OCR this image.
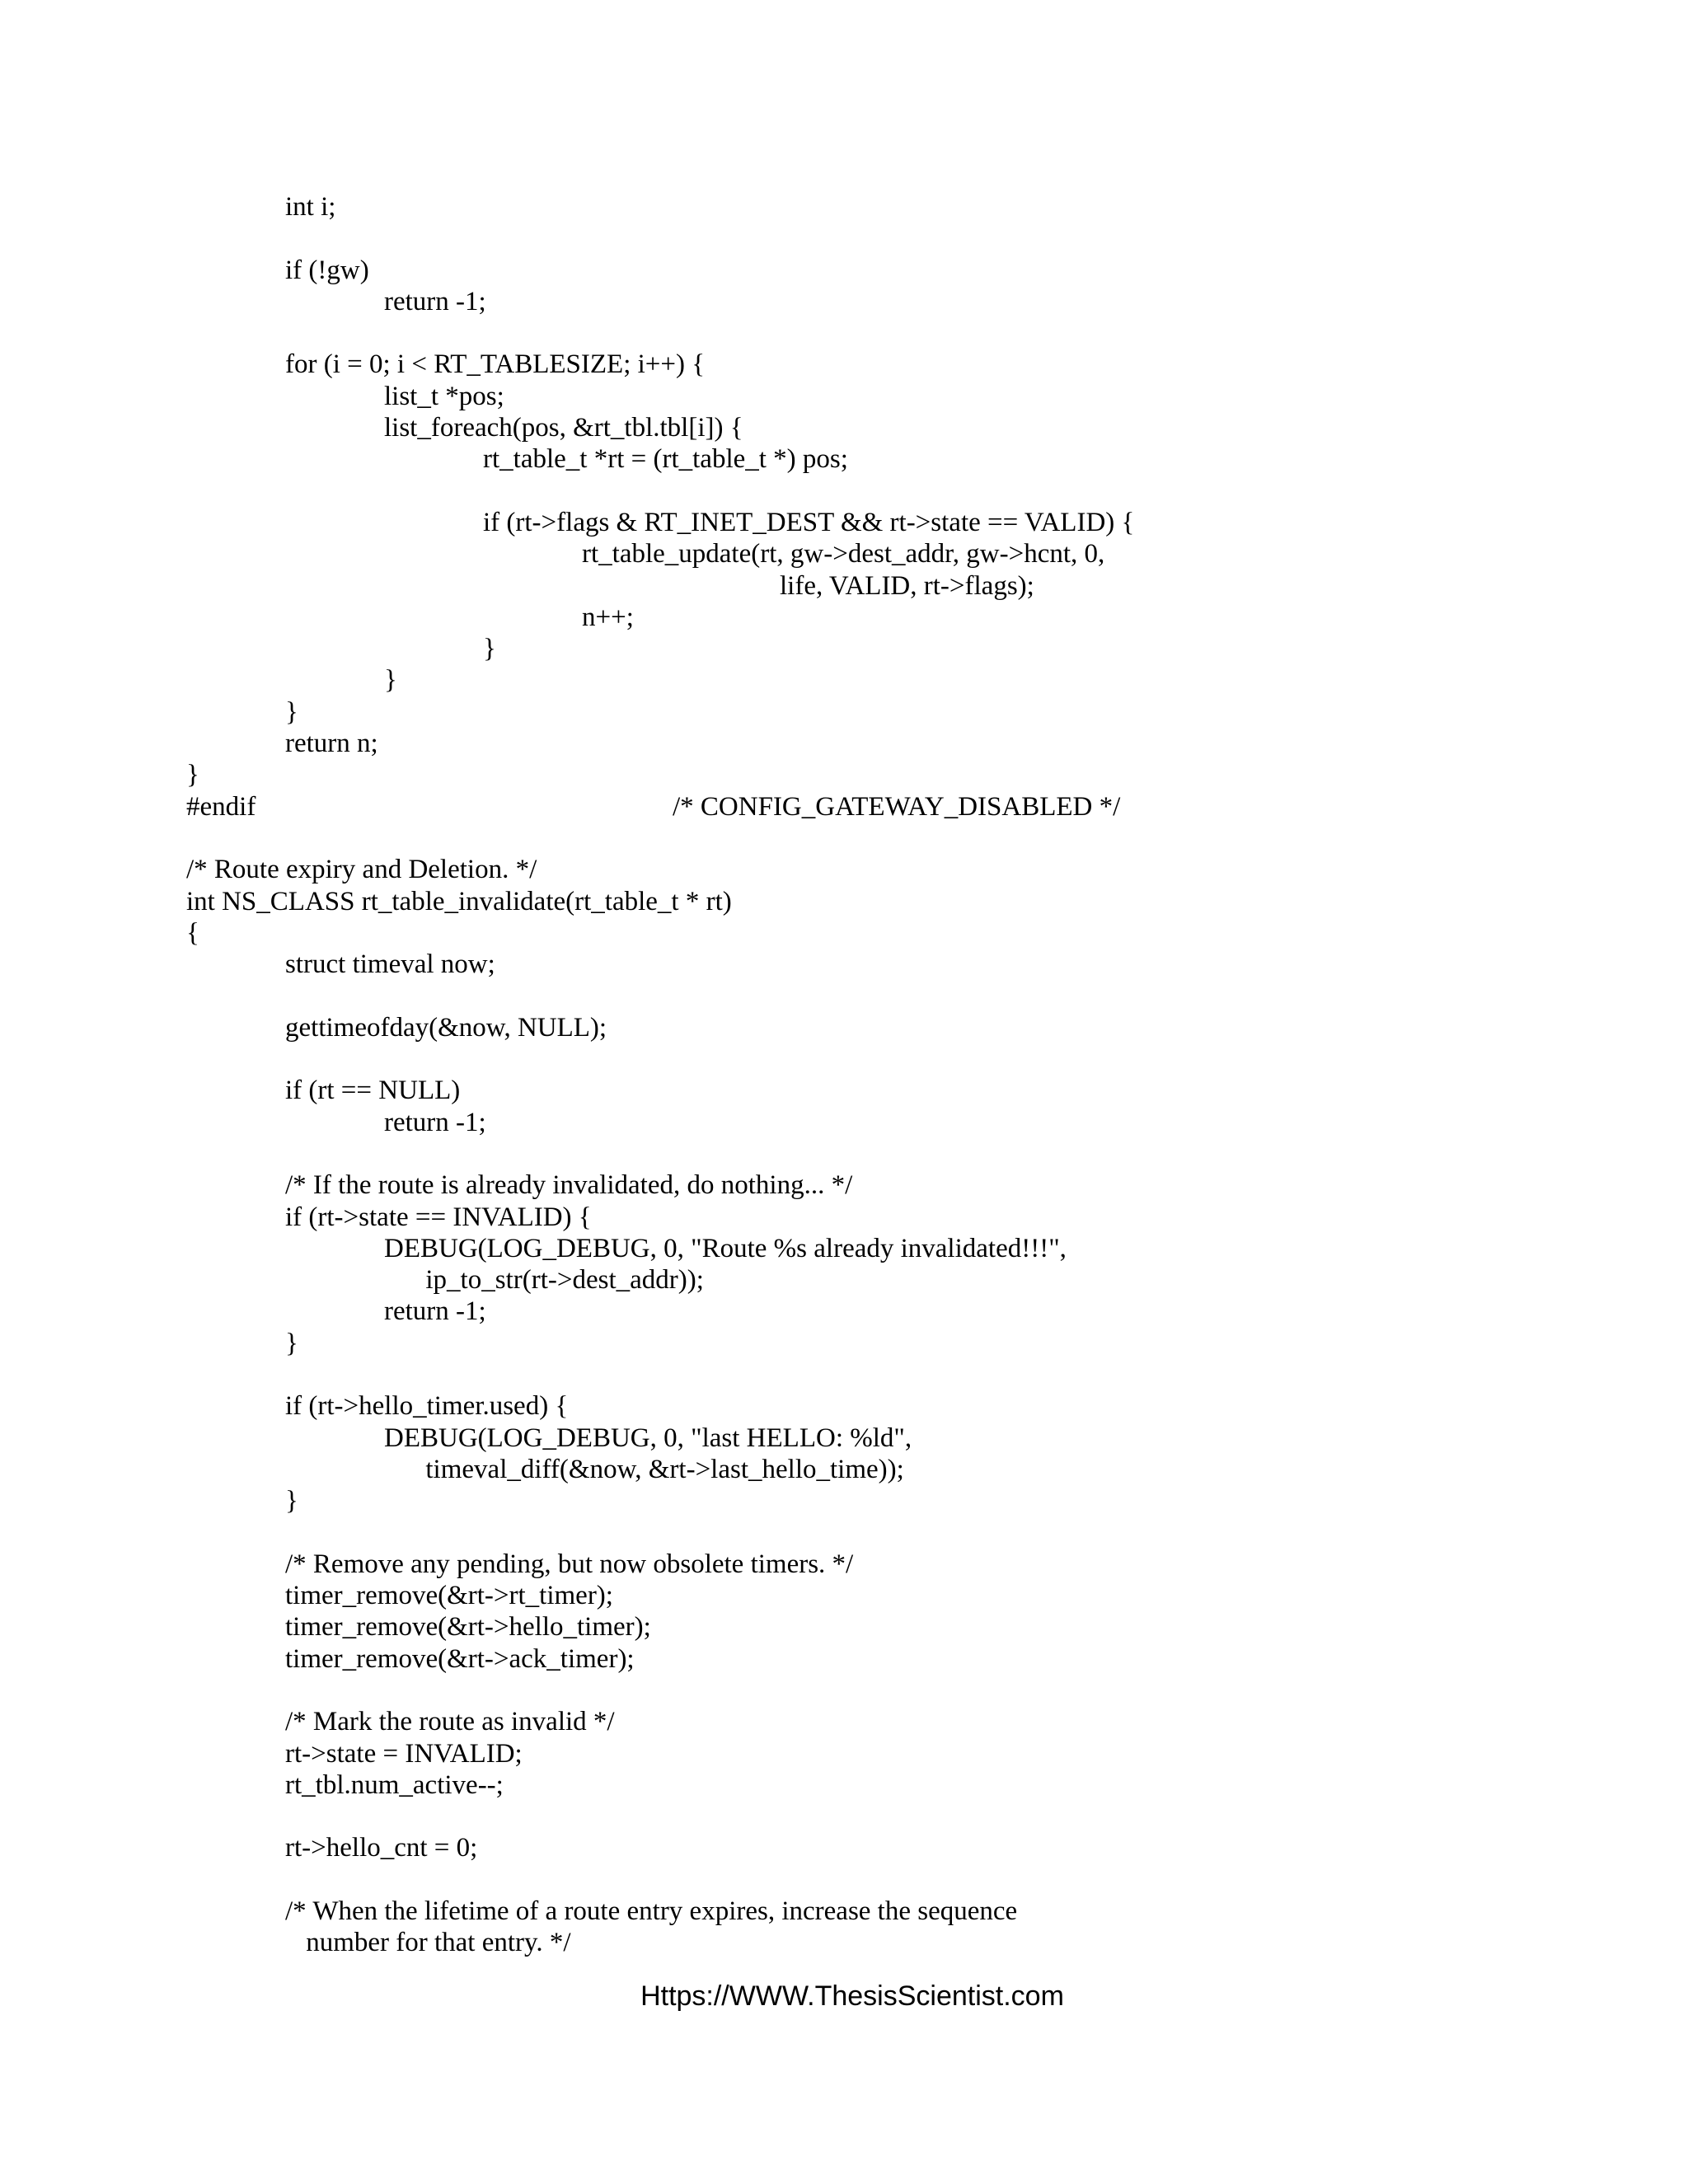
int i;
if (!gw)
return -1;
for (i = 0; i < RT_TABLESIZE; i++) {
list_t *pos;
list_foreach(pos, &rt_tbl.tbl[i]) {
rt_table_t *rt = (rt_table_t *) pos;
if (rt->flags & RT_INET_DEST && rt->state == VALID) {
rt_table_update(rt, gw->dest_addr, gw->hcnt, 0,
life, VALID, rt->flags);
n++;
}
}
}
return n;
}
#endif	/* CONFIG_GATEWAY_DISABLED */
/* Route expiry and Deletion. */
int NS_CLASS rt_table_invalidate(rt_table_t * rt)
{
struct timeval now;
gettimeofday(&now, NULL);
if (rt == NULL)
return -1;
/* If the route is already invalidated, do nothing... */
if (rt->state == INVALID) {
DEBUG(LOG_DEBUG, 0, "Route %s already invalidated!!!",
ip_to_str(rt->dest_addr));
return -1;
}
if (rt->hello_timer.used) {
DEBUG(LOG_DEBUG, 0, "last HELLO: %ld",
timeval_diff(&now, &rt->last_hello_time));
}
/* Remove any pending, but now obsolete timers. */
timer_remove(&rt->rt_timer);
timer_remove(&rt->hello_timer);
timer_remove(&rt->ack_timer);
/* Mark the route as invalid */
rt->state = INVALID;
rt_tbl.num_active--;
rt->hello_cnt = 0;
/* When the lifetime of a route entry expires, increase the sequence
number for that entry. */
Https://WWW.ThesisScientist.com
